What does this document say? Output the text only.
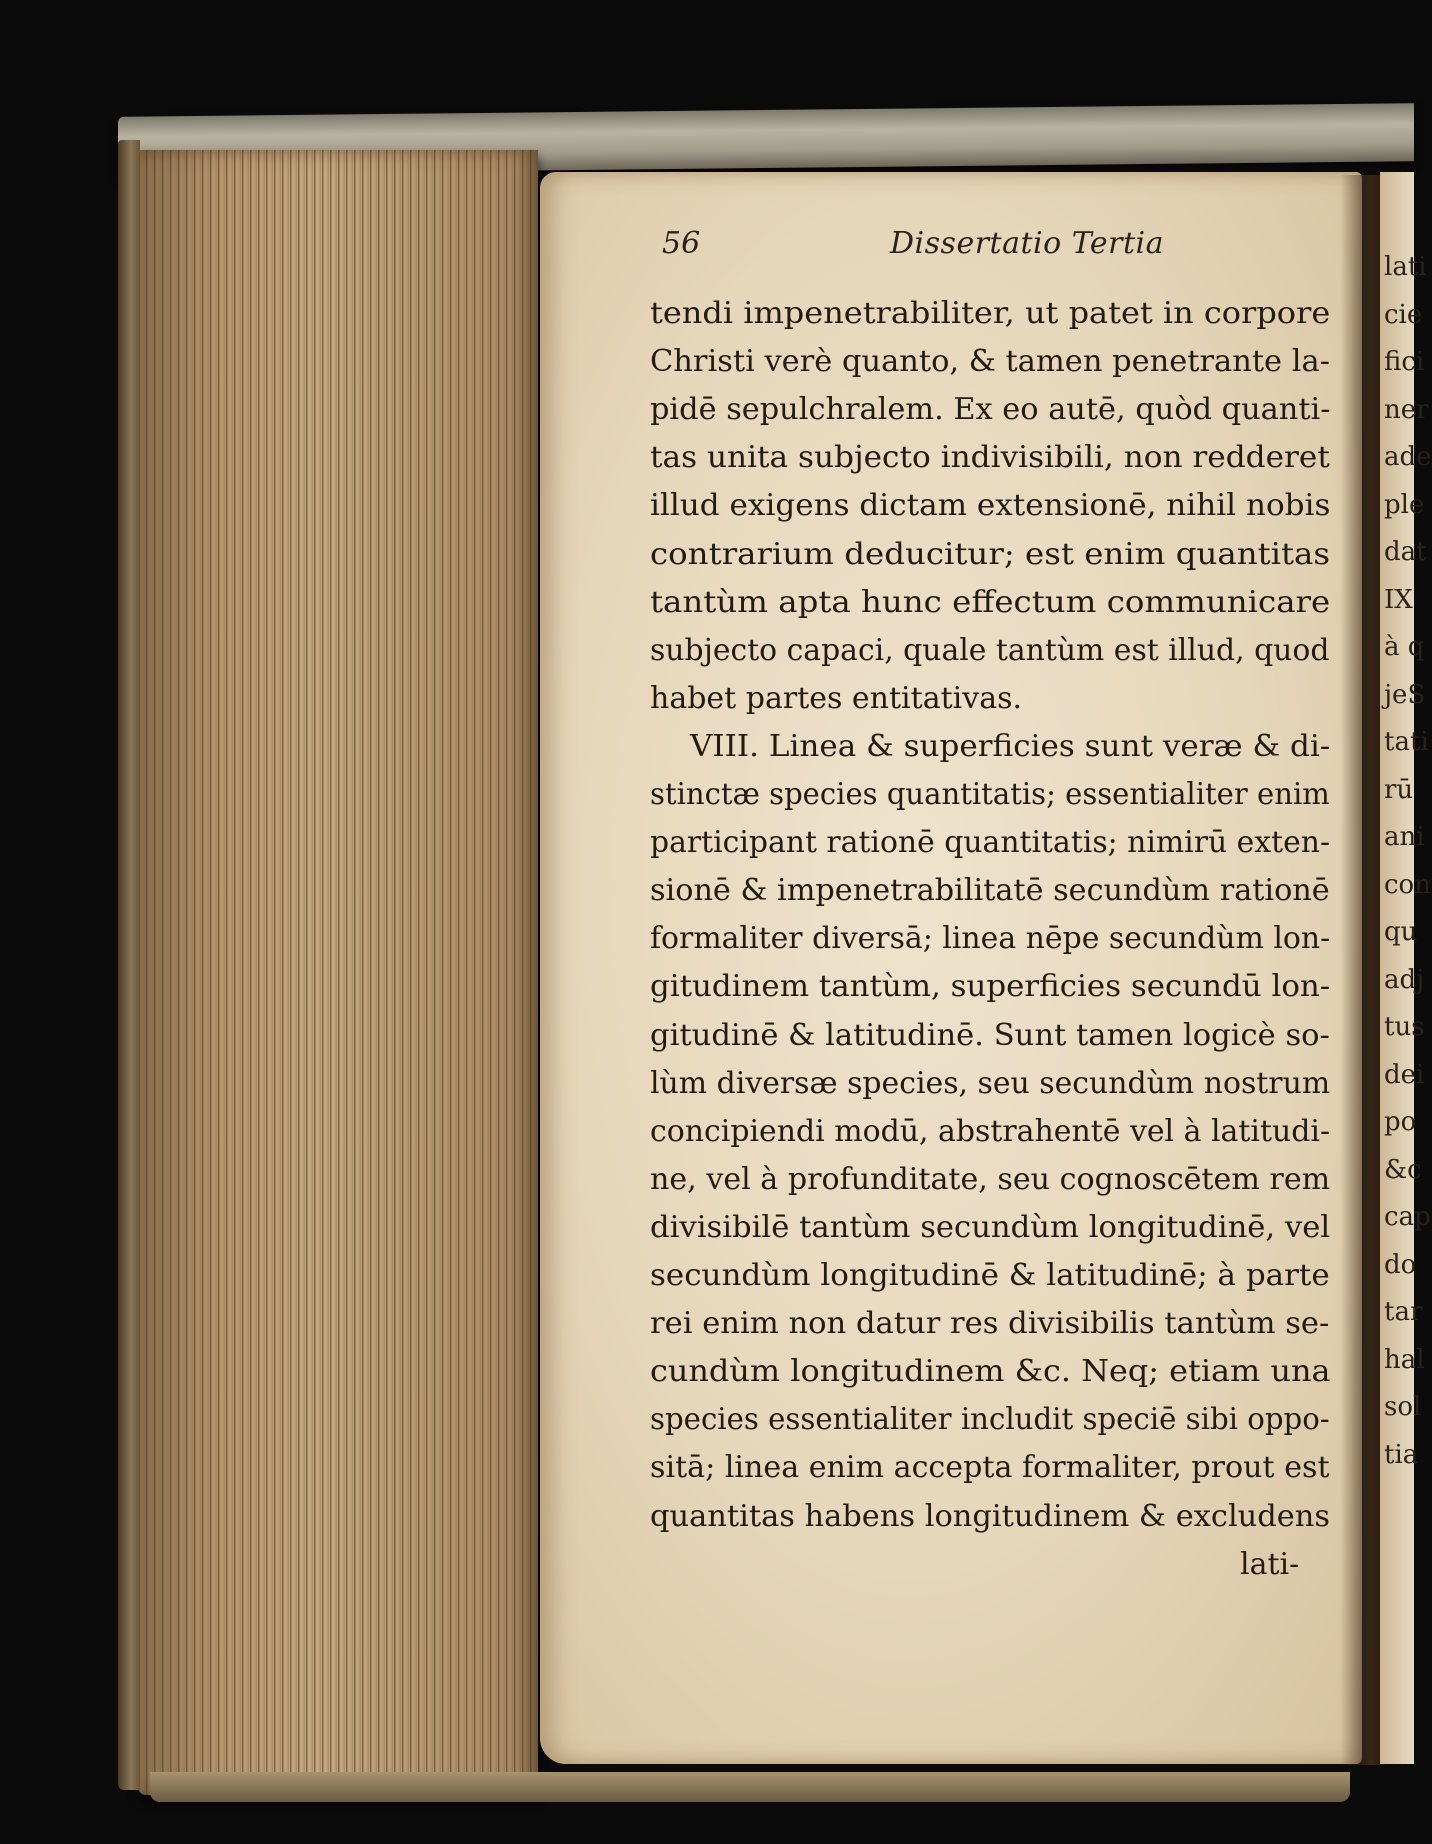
56	Dissertatio Tertia
tendi impenetrabiliter, ut patet in corpore
Christi verè quanto, & tamen penetrante la-
pidē sepulchralem. Ex eo autē, quòd quanti-
tas unita subjecto indivisibili, non redderet
illud exigens dictam extensionē, nihil nobis
contrarium deducitur; est enim quantitas
tantùm apta hunc effectum communicare
subjecto capaci, quale tantùm est illud, quod
habet partes entitativas.
VIII. Linea & superficies sunt veræ & di-
stinctæ species quantitatis; essentialiter enim
participant rationē quantitatis; nimirū exten-
sionē & impenetrabilitatē secundùm rationē
formaliter diversā; linea nēpe secundùm lon-
gitudinem tantùm, superficies secundū lon-
gitudinē & latitudinē. Sunt tamen logicè so-
lùm diversæ species, seu secundùm nostrum
concipiendi modū, abstrahentē vel à latitudi-
ne, vel à profunditate, seu cognoscētem rem
divisibilē tantùm secundùm longitudinē, vel
secundùm longitudinē & latitudinē; à parte
rei enim non datur res divisibilis tantùm se-
cundùm longitudinem &c. Neq; etiam una
species essentialiter includit speciē sibi oppo-
sitā; linea enim accepta formaliter, prout est
quantitas habens longitudinem & excludens
lati-
lati
cie
fici
ner
ade
ple
dat
IX
à q
jeS
tati
rū
ani
con
qu
adj
tus
dei
po
&c
cap
do
tar
hal
sol
tia
